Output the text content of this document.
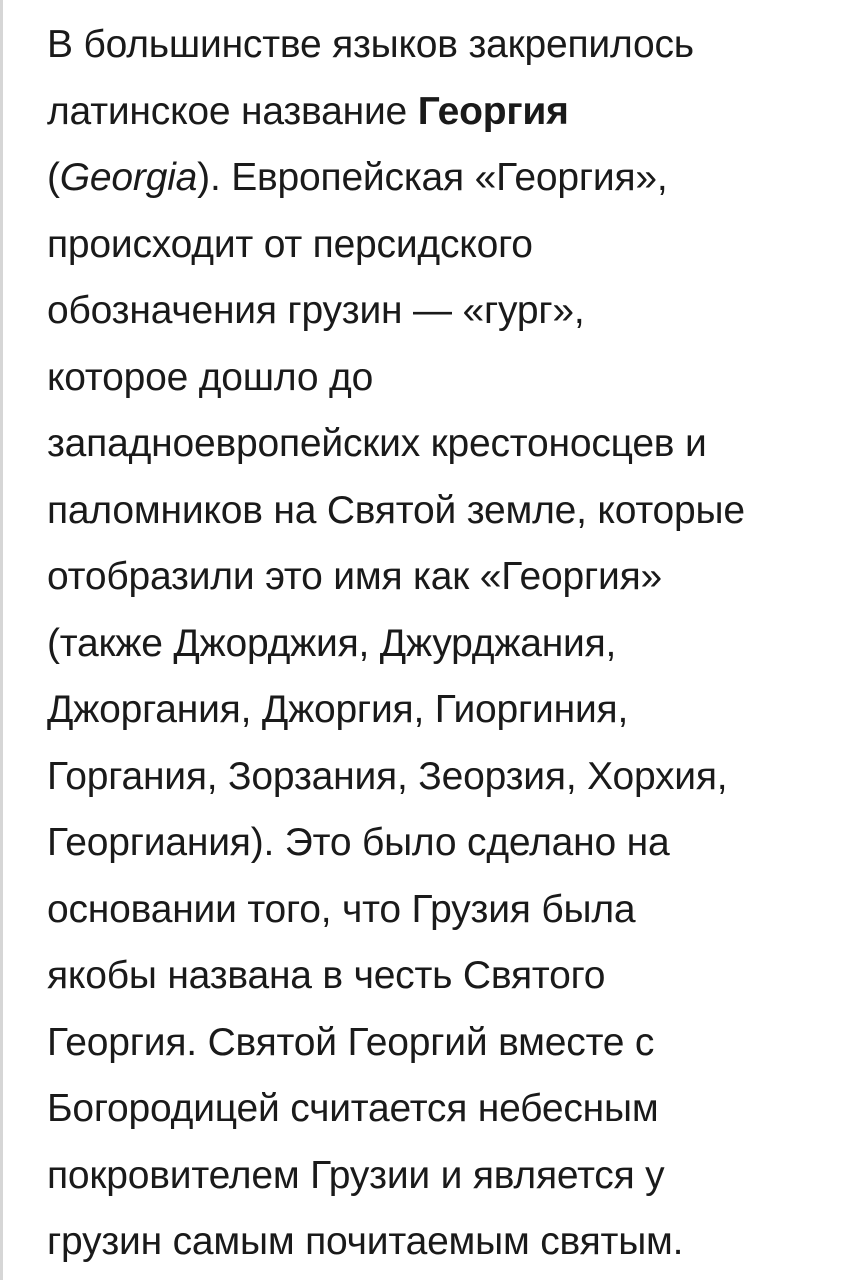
В большинстве языков закрепилось
латинское название Георгия
(Georgia). Европейская «Георгия»,
происходит от персидского
обозначения грузин — «гург»,
которое дошло до
западноевропейских крестоносцев и
паломников на Святой земле, которые
отобразили это имя как «Георгия»
(также Джорджия, Джурджания,
Джоргания, Джоргия, Гиоргиния,
Горгания, Зорзания, Зеорзия, Хорхия,
Георгиания). Это было сделано на
основании того, что Грузия была
якобы названа в честь Святого
Георгия. Святой Георгий вместе с
Богородицей считается небесным
покровителем Грузии и является у
грузин самым почитаемым святым.
